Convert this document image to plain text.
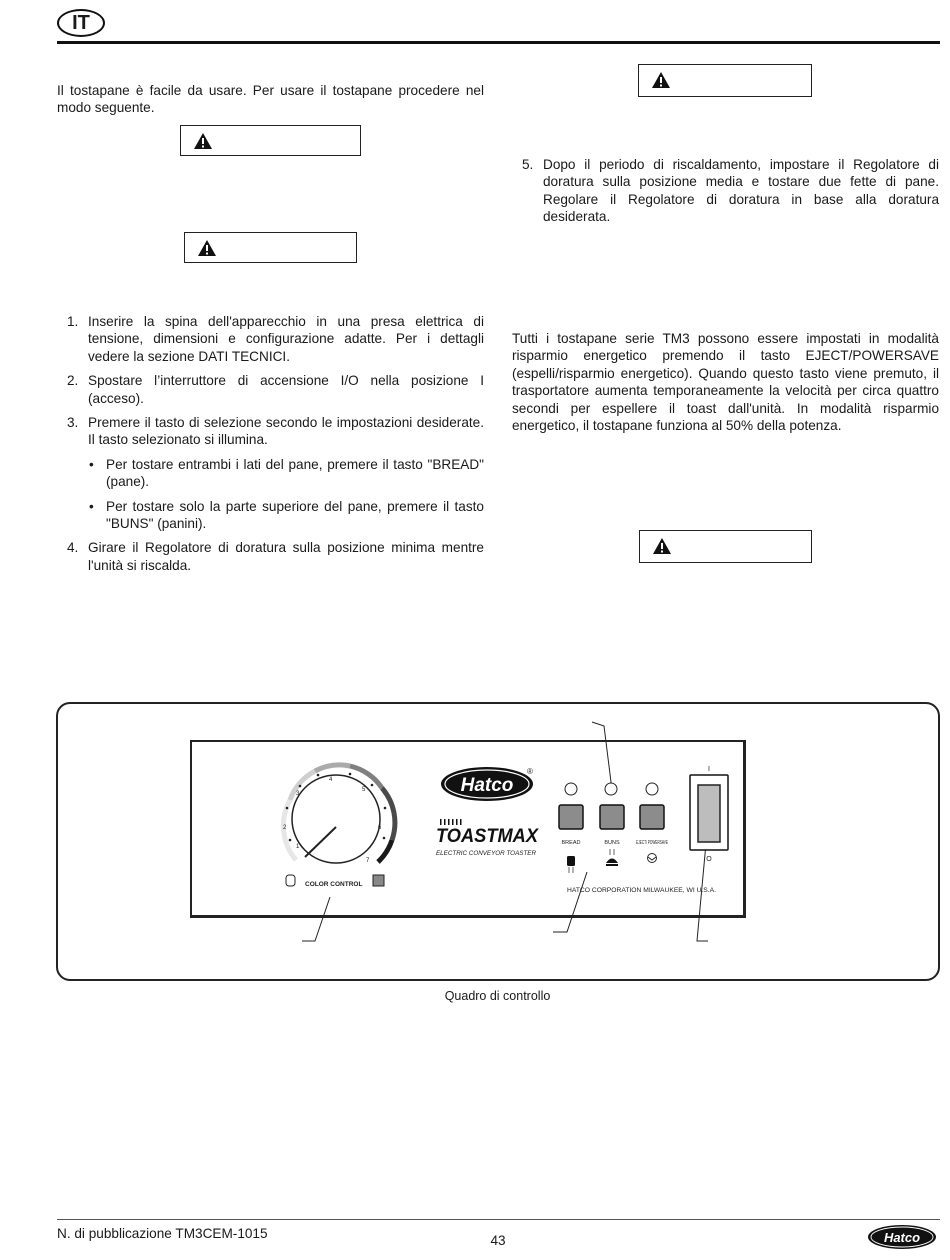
IT

Il tostapane è facile da usare. Per usare il tostapane procedere nel modo seguente.

1. Inserire la spina dell'apparecchio in una presa elettrica di tensione, dimensioni e configurazione adatte. Per i dettagli vedere la sezione DATI TECNICI.
2. Spostare l’interruttore di accensione I/O nella posizione I (acceso).
3. Premere il tasto di selezione secondo le impostazioni desiderate. Il tasto selezionato si illumina.
• Per tostare entrambi i lati del pane, premere il tasto "BREAD" (pane).
• Per tostare solo la parte superiore del pane, premere il tasto "BUNS" (panini).
4. Girare il Regolatore di doratura sulla posizione minima mentre l'unità si riscalda.
5. Dopo il periodo di riscaldamento, impostare il Regolatore di doratura sulla posizione media e tostare due fette di pane. Regolare il Regolatore di doratura in base alla doratura desiderata.

Tutti i tostapane serie TM3 possono essere impostati in modalità risparmio energetico premendo il tasto EJECT/POWERSAVE (espelli/risparmio energetico). Quando questo tasto viene premuto, il trasportatore aumenta temporaneamente la velocità per circa quattro secondi per espellere il toast dall'unità. In modalità risparmio energetico, il tostapane funziona al 50% della potenza.

1
2
3
4
5
6
7
COLOR CONTROL
Hatco
®
TOASTMAX
ELECTRIC CONVEYOR TOASTER
BREAD	BUNS	EJECT/ POWERSAVE
HATCO CORPORATION MILWAUKEE, WI U.S.A.
I
O
Quadro di controllo
N. di pubblicazione TM3CEM-1015	43	Hatco
